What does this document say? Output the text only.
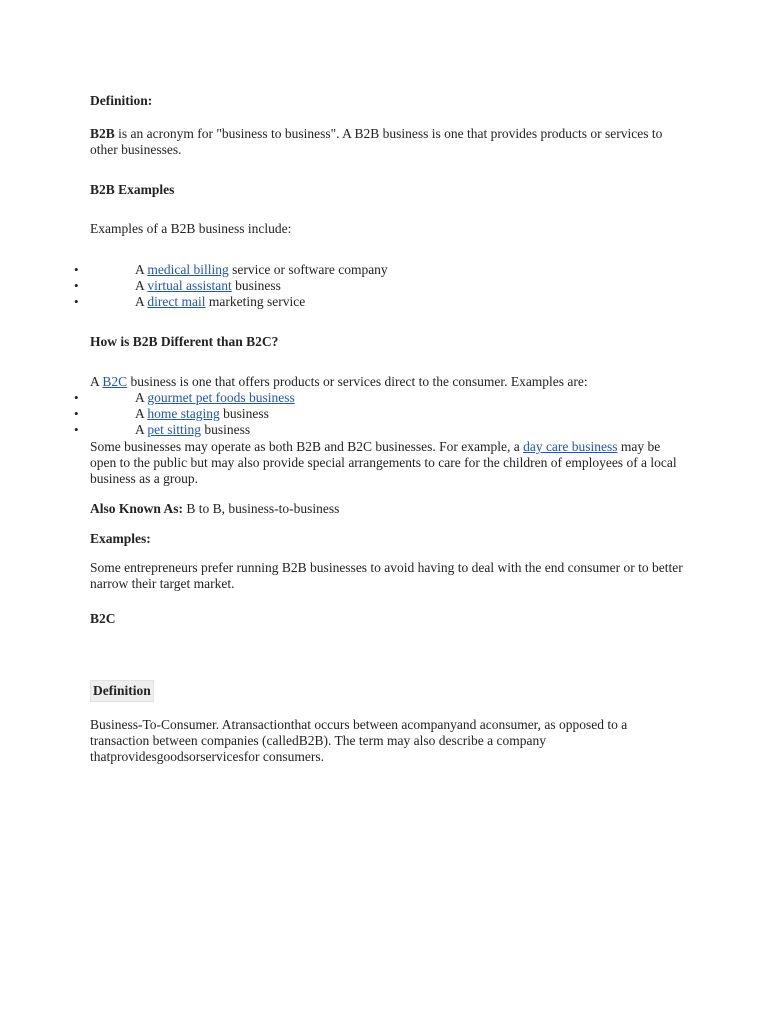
Definition:
B2B is an acronym for "business to business". A B2B business is one that provides products or services to other businesses.
B2B Examples
Examples of a B2B business include:
•	A medical billing service or software company
•	A virtual assistant business
•	A direct mail marketing service
How is B2B Different than B2C?
A B2C business is one that offers products or services direct to the consumer. Examples are:
•	A gourmet pet foods business
•	A home staging business
•	A pet sitting business
Some businesses may operate as both B2B and B2C businesses. For example, a day care business may be open to the public but may also provide special arrangements to care for the children of employees of a local business as a group.
Also Known As: B to B, business-to-business
Examples:
Some entrepreneurs prefer running B2B businesses to avoid having to deal with the end consumer or to better narrow their target market.
B2C
Definition
Business-To-Consumer. Atransactionthat occurs between acompanyand aconsumer, as opposed to a transaction between companies (calledB2B). The term may also describe a company thatprovidesgoodsorservicesfor consumers.
